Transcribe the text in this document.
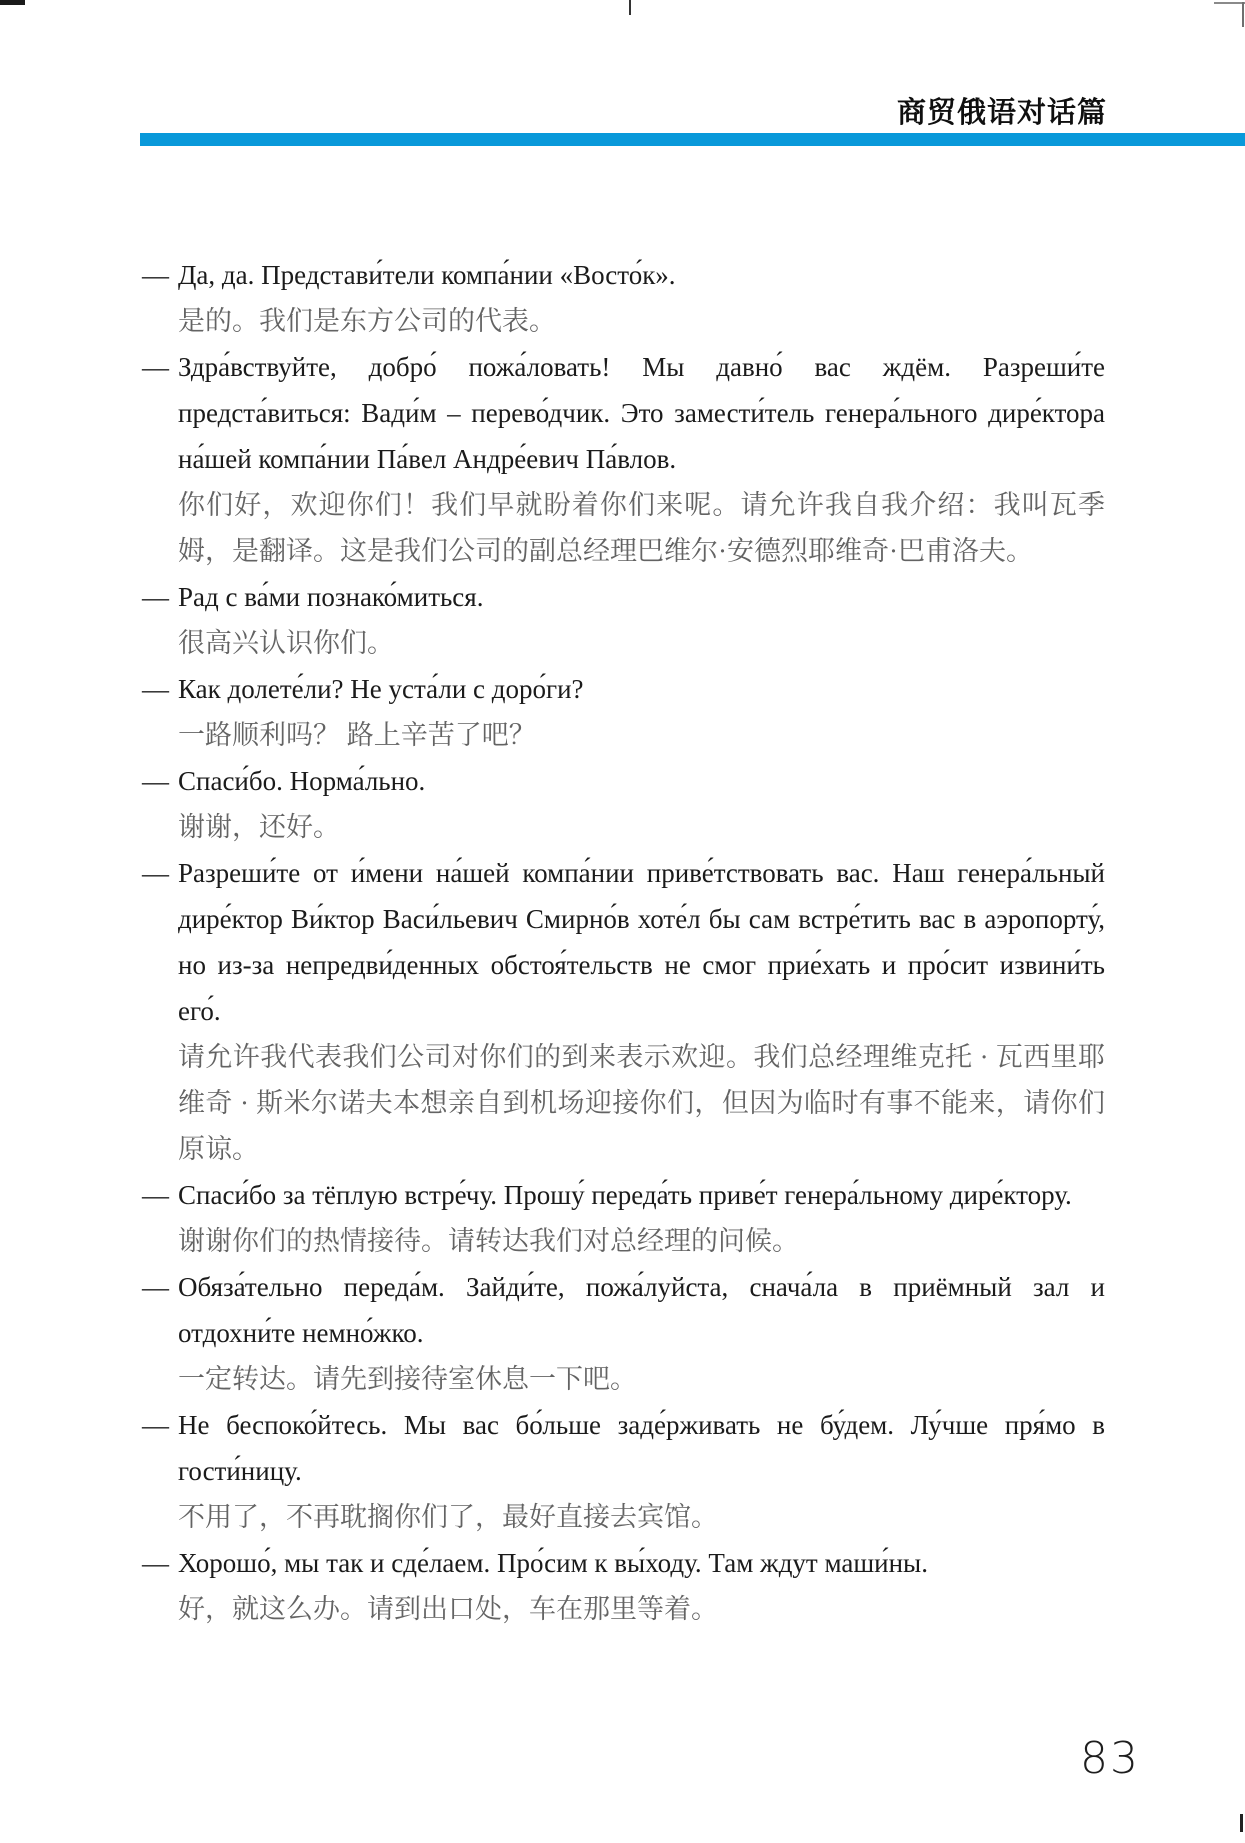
商贸俄语对话篇
— Да, да. Представи́тели компа́нии «Восто́к».
是的。我们是东方公司的代表。
— Здра́вствуйте, добро́ пожа́ловать! Мы давно́ вас ждём. Разреши́те предста́виться: Вади́м – перево́дчик. Это замести́тель генера́льного дире́ктора на́шей компа́нии Па́вел Андре́евич Па́влов.
你们好，欢迎你们！我们早就盼着你们来呢。请允许我自我介绍：我叫瓦季姆，是翻译。这是我们公司的副总经理巴维尔·安德烈耶维奇·巴甫洛夫。
— Рад с ва́ми познако́миться.
很高兴认识你们。
— Как долете́ли? Не уста́ли с доро́ги?
一路顺利吗？ 路上辛苦了吧？
— Спаси́бо. Норма́льно.
谢谢，还好。
— Разреши́те от и́мени на́шей компа́нии приве́тствовать вас. Наш генера́льный дире́ктор Ви́ктор Васи́льевич Смирно́в хоте́л бы сам встре́тить вас в аэропорту́, но из-за непредви́денных обстоя́тельств не смог прие́хать и про́сит извини́ть его́.
请允许我代表我们公司对你们的到来表示欢迎。我们总经理维克托 · 瓦西里耶维奇 · 斯米尔诺夫本想亲自到机场迎接你们，但因为临时有事不能来，请你们原谅。
— Спаси́бо за тёплую встре́чу. Прошу́ переда́ть приве́т генера́льному дире́ктору.
谢谢你们的热情接待。请转达我们对总经理的问候。
— Обяза́тельно переда́м. Зайди́те, пожа́луйста, снача́ла в приёмный зал и отдохни́те немно́жко.
一定转达。请先到接待室休息一下吧。
— Не беспоко́йтесь. Мы вас бо́льше заде́рживать не бу́дем. Лу́чше пря́мо в гости́ницу.
不用了，不再耽搁你们了，最好直接去宾馆。
— Хорошо́, мы так и сде́лаем. Про́сим к вы́ходу. Там ждут маши́ны.
好，就这么办。请到出口处，车在那里等着。
83
